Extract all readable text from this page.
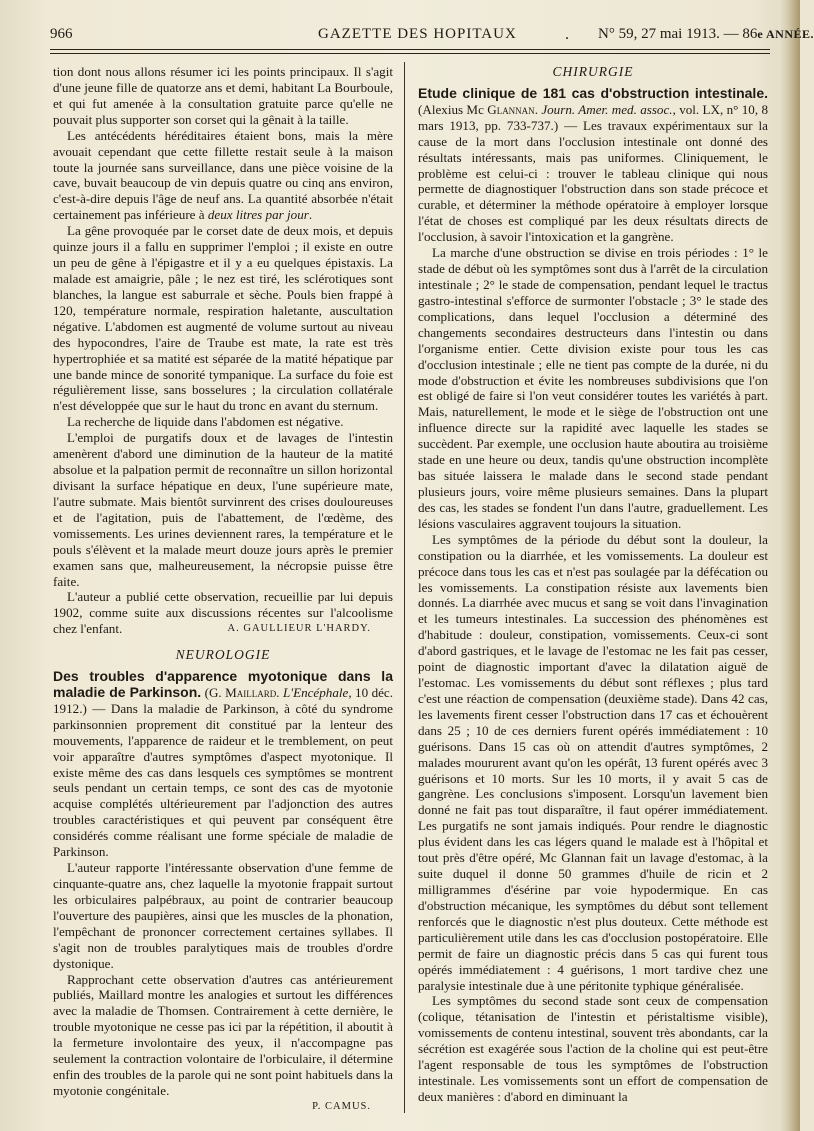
966	GAZETTE DES HOPITAUX	. N° 59, 27 mai 1913. — 86e ANNÉE.

tion dont nous allons résumer ici les points principaux. Il s'agit d'une jeune fille de quatorze ans et demi, habitant La Bourboule, et qui fut amenée à la consultation gratuite parce qu'elle ne pouvait plus supporter son corset qui la gênait à la taille.

Les antécédents héréditaires étaient bons, mais la mère avouait cependant que cette fillette restait seule à la maison toute la journée sans surveillance, dans une pièce voisine de la cave, buvait beaucoup de vin depuis quatre ou cinq ans environ, c'est-à-dire depuis l'âge de neuf ans. La quantité absorbée n'était certainement pas inférieure à deux litres par jour.

La gêne provoquée par le corset date de deux mois, et depuis quinze jours il a fallu en supprimer l'emploi ; il existe en outre un peu de gêne à l'épigastre et il y a eu quelques épistaxis. La malade est amaigrie, pâle ; le nez est tiré, les sclérotiques sont blanches, la langue est saburrale et sèche. Pouls bien frappé à 120, température normale, respiration haletante, auscultation négative. L'abdomen est augmenté de volume surtout au niveau des hypocondres, l'aire de Traube est mate, la rate est très hypertrophiée et sa matité est séparée de la matité hépatique par une bande mince de sonorité tympanique. La surface du foie est régulièrement lisse, sans bosselures ; la circulation collatérale n'est développée que sur le haut du tronc en avant du sternum.

La recherche de liquide dans l'abdomen est négative.

L'emploi de purgatifs doux et de lavages de l'intestin amenèrent d'abord une diminution de la hauteur de la matité absolue et la palpation permit de reconnaître un sillon horizontal divisant la surface hépatique en deux, l'une supérieure mate, l'autre submate. Mais bientôt survinrent des crises douloureuses et de l'agitation, puis de l'abattement, de l'œdème, des vomissements. Les urines deviennent rares, la température et le pouls s'élèvent et la malade meurt douze jours après le premier examen sans que, malheureusement, la nécropsie puisse être faite.

L'auteur a publié cette observation, recueillie par lui depuis 1902, comme suite aux discussions récentes sur l'alcoolisme chez l'enfant.	A. GAULLIEUR L'HARDY.

NEUROLOGIE

Des troubles d'apparence myotonique dans la maladie de Parkinson. (G. Maillard. L'Encéphale, 10 déc. 1912.) — Dans la maladie de Parkinson, à côté du syndrome parkinsonnien proprement dit constitué par la lenteur des mouvements, l'apparence de raideur et le tremblement, on peut voir apparaître d'autres symptômes d'aspect myotonique. Il existe même des cas dans lesquels ces symptômes se montrent seuls pendant un certain temps, ce sont des cas de myotonie acquise complétés ultérieurement par l'adjonction des autres troubles caractéristiques et qui peuvent par conséquent être considérés comme réalisant une forme spéciale de maladie de Parkinson.

L'auteur rapporte l'intéressante observation d'une femme de cinquante-quatre ans, chez laquelle la myotonie frappait surtout les orbiculaires palpébraux, au point de contrarier beaucoup l'ouverture des paupières, ainsi que les muscles de la phonation, l'empêchant de prononcer correctement certaines syllabes. Il s'agit non de troubles paralytiques mais de troubles d'ordre dystonique.

Rapprochant cette observation d'autres cas antérieurement publiés, Maillard montre les analogies et surtout les différences avec la maladie de Thomsen. Contrairement à cette dernière, le trouble myotonique ne cesse pas ici par la répétition, il aboutit à la fermeture involontaire des yeux, il n'accompagne pas seulement la contraction volontaire de l'orbiculaire, il détermine enfin des troubles de la parole qui ne sont point habituels dans la myotonie congénitale.

P. CAMUS.

CHIRURGIE

Etude clinique de 181 cas d'obstruction intestinale. (Alexius Mc Glannan. Journ. Amer. med. assoc., vol. LX, n° 10, 8 mars 1913, pp. 733-737.) — Les travaux expérimentaux sur la cause de la mort dans l'occlusion intestinale ont donné des résultats intéressants, mais pas uniformes. Cliniquement, le problème est celui-ci : trouver le tableau clinique qui nous permette de diagnostiquer l'obstruction dans son stade précoce et curable, et déterminer la méthode opératoire à employer lorsque l'état de choses est compliqué par les deux résultats directs de l'occlusion, à savoir l'intoxication et la gangrène.

La marche d'une obstruction se divise en trois périodes : 1° le stade de début où les symptômes sont dus à l'arrêt de la circulation intestinale ; 2° le stade de compensation, pendant lequel le tractus gastro-intestinal s'efforce de surmonter l'obstacle ; 3° le stade des complications, dans lequel l'occlusion a déterminé des changements secondaires destructeurs dans l'intestin ou dans l'organisme entier. Cette division existe pour tous les cas d'occlusion intestinale ; elle ne tient pas compte de la durée, ni du mode d'obstruction et évite les nombreuses subdivisions que l'on est obligé de faire si l'on veut considérer toutes les variétés à part. Mais, naturellement, le mode et le siège de l'obstruction ont une influence directe sur la rapidité avec laquelle les stades se succèdent. Par exemple, une occlusion haute aboutira au troisième stade en une heure ou deux, tandis qu'une obstruction incomplète bas située laissera le malade dans le second stade pendant plusieurs jours, voire même plusieurs semaines. Dans la plupart des cas, les stades se fondent l'un dans l'autre, graduellement. Les lésions vasculaires aggravent toujours la situation.

Les symptômes de la période du début sont la douleur, la constipation ou la diarrhée, et les vomissements. La douleur est précoce dans tous les cas et n'est pas soulagée par la défécation ou les vomissements. La constipation résiste aux lavements bien donnés. La diarrhée avec mucus et sang se voit dans l'invagination et les tumeurs intestinales. La succession des phénomènes est d'habitude : douleur, constipation, vomissements. Ceux-ci sont d'abord gastriques, et le lavage de l'estomac ne les fait pas cesser, point de diagnostic important d'avec la dilatation aiguë de l'estomac. Les vomissements du début sont réflexes ; plus tard c'est une réaction de compensation (deuxième stade). Dans 42 cas, les lavements firent cesser l'obstruction dans 17 cas et échouèrent dans 25 ; 10 de ces derniers furent opérés immédiatement : 10 guérisons. Dans 15 cas où on attendit d'autres symptômes, 2 malades moururent avant qu'on les opérât, 13 furent opérés avec 3 guérisons et 10 morts. Sur les 10 morts, il y avait 5 cas de gangrène. Les conclusions s'imposent. Lorsqu'un lavement bien donné ne fait pas tout disparaître, il faut opérer immédiatement. Les purgatifs ne sont jamais indiqués. Pour rendre le diagnostic plus évident dans les cas légers quand le malade est à l'hôpital et tout près d'être opéré, Mc Glannan fait un lavage d'estomac, à la suite duquel il donne 50 grammes d'huile de ricin et 2 milligrammes d'ésérine par voie hypodermique. En cas d'obstruction mécanique, les symptômes du début sont tellement renforcés que le diagnostic n'est plus douteux. Cette méthode est particulièrement utile dans les cas d'occlusion postopératoire. Elle permit de faire un diagnostic précis dans 5 cas qui furent tous opérés immédiatement : 4 guérisons, 1 mort tardive chez une paralysie intestinale due à une péritonite typhique généralisée.

Les symptômes du second stade sont ceux de compensation (colique, tétanisation de l'intestin et péristaltisme visible), vomissements de contenu intestinal, souvent très abondants, car la sécrétion est exagérée sous l'action de la choline qui est peut-être l'agent responsable de tous les symptômes de l'obstruction intestinale. Les vomissements sont un effort de compensation de deux manières : d'abord en diminuant la
